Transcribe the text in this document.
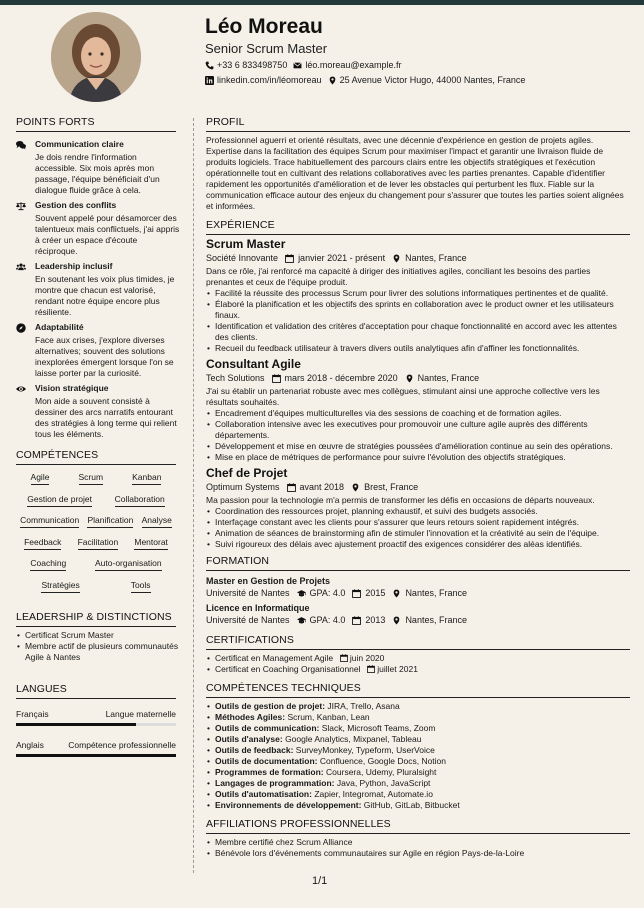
Léo Moreau
Senior Scrum Master
+33 6 833498750 léo.moreau@example.fr
linkedin.com/in/léomoreau 25 Avenue Victor Hugo, 44000 Nantes, France
POINTS FORTS
Communication claire
Je dois rendre l'information accessible. Six mois après mon passage, l'équipe bénéficiait d'un dialogue fluide grâce à cela.
Gestion des conflits
Souvent appelé pour désamorcer des talentueux mais conflictuels, j'ai appris à créer un espace d'écoute réciproque.
Leadership inclusif
En soutenant les voix plus timides, je montre que chacun est valorisé, rendant notre équipe encore plus résiliente.
Adaptabilité
Face aux crises, j'explore diverses alternatives; souvent des solutions inexplorées émergent lorsque l'on se laisse porter par la curiosité.
Vision stratégique
Mon aide a souvent consisté à dessiner des arcs narratifs entourant des stratégies à long terme qui relient tous les éléments.
COMPÉTENCES
Agile	Scrum	Kanban
Gestion de projet	Collaboration
Communication Planification Analyse
Feedback Facilitation Mentorat
Coaching	Auto-organisation
Stratégies	Tools
LEADERSHIP & DISTINCTIONS
• Certificat Scrum Master
• Membre actif de plusieurs communautés Agile à Nantes
LANGUES
Français	Langue maternelle
Anglais	Compétence professionnelle
PROFIL
Professionnel aguerri et orienté résultats, avec une décennie d'expérience en gestion de projets agiles. Expertise dans la facilitation des équipes Scrum pour maximiser l'impact et garantir une livraison fluide de produits logiciels. Trace habituellement des parcours clairs entre les objectifs stratégiques et l'exécution opérationnelle tout en cultivant des relations collaboratives avec les parties prenantes. Capable d'identifier rapidement les opportunités d'amélioration et de lever les obstacles qui perturbent les flux. Fiable sur la communication efficace autour des enjeux du changement pour s'assurer que toutes les parties soient alignées et informées.
EXPÉRIENCE
Scrum Master
Société Innovante janvier 2021 - présent Nantes, France
Dans ce rôle, j'ai renforcé ma capacité à diriger des initiatives agiles, conciliant les besoins des parties prenantes et ceux de l'équipe produit.
• Facilité la réussite des processus Scrum pour livrer des solutions informatiques pertinentes et de qualité.
• Élaboré la planification et les objectifs des sprints en collaboration avec le product owner et les utilisateurs finaux.
• Identification et validation des critères d'acceptation pour chaque fonctionnalité en accord avec les attentes des clients.
• Recueil du feedback utilisateur à travers divers outils analytiques afin d'affiner les fonctionnalités.
Consultant Agile
Tech Solutions mars 2018 - décembre 2020 Nantes, France
J'ai su établir un partenariat robuste avec mes collègues, stimulant ainsi une approche collective vers les résultats souhaités.
• Encadrement d'équipes multiculturelles via des sessions de coaching et de formation agiles.
• Collaboration intensive avec les executives pour promouvoir une culture agile auprès des différents départements.
• Développement et mise en œuvre de stratégies poussées d'amélioration continue au sein des opérations.
• Mise en place de métriques de performance pour suivre l'évolution des objectifs stratégiques.
Chef de Projet
Optimum Systems avant 2018 Brest, France
Ma passion pour la technologie m'a permis de transformer les défis en occasions de départs nouveaux.
• Coordination des ressources projet, planning exhaustif, et suivi des budgets associés.
• Interfaçage constant avec les clients pour s'assurer que leurs retours soient rapidement intégrés.
• Animation de séances de brainstorming afin de stimuler l'innovation et la créativité au sein de l'équipe.
• Suivi rigoureux des délais avec ajustement proactif des exigences considérer des aléas identifiés.
FORMATION
Master en Gestion de Projets
Université de Nantes GPA: 4.0 2015 Nantes, France
Licence en Informatique
Université de Nantes GPA: 4.0 2013 Nantes, France
CERTIFICATIONS
• Certificat en Management Agile juin 2020
• Certificat en Coaching Organisationnel juillet 2021
COMPÉTENCES TECHNIQUES
• Outils de gestion de projet: JIRA, Trello, Asana
• Méthodes Agiles: Scrum, Kanban, Lean
• Outils de communication: Slack, Microsoft Teams, Zoom
• Outils d'analyse: Google Analytics, Mixpanel, Tableau
• Outils de feedback: SurveyMonkey, Typeform, UserVoice
• Outils de documentation: Confluence, Google Docs, Notion
• Programmes de formation: Coursera, Udemy, Pluralsight
• Langages de programmation: Java, Python, JavaScript
• Outils d'automatisation: Zapier, Integromat, Automate.io
• Environnements de développement: GitHub, GitLab, Bitbucket
AFFILIATIONS PROFESSIONNELLES
• Membre certifié chez Scrum Alliance
• Bénévole lors d'événements communautaires sur Agile en région Pays-de-la-Loire
1/1
